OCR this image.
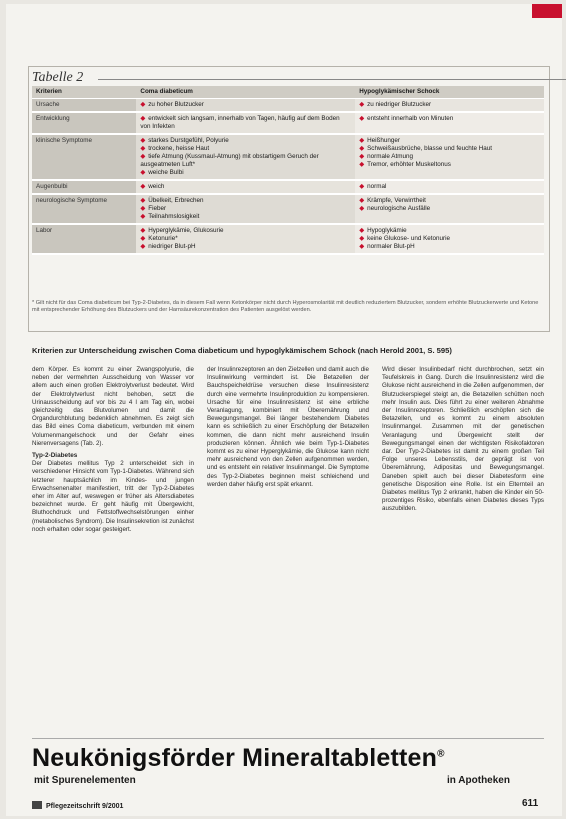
Tabelle 2
Kriterien	Coma diabeticum	Hypoglykämischer Schock
Ursache	◆ zu hoher Blutzucker	◆ zu niedriger Blutzucker

Entwicklung	◆ entwickelt sich langsam, innerhalb von Tagen, häufig auf dem Boden von Infekten	◆ entsteht innerhalb von Minuten

klinische Symptome	◆ starkes Durstgefühl, Polyurie
◆ trockene, heisse Haut
◆ tiefe Atmung (Kussmaul-Atmung) mit obstartigem Geruch der ausgeatmeten Luft*
◆ weiche Bulbi	◆ Heißhunger
◆ Schweißausbrüche, blasse und feuchte Haut
◆ normale Atmung
◆ Tremor, erhöhter Muskeltonus

Augenbulbi	◆ weich	◆ normal

neurologische Symptome	◆ Übelkeit, Erbrechen
◆ Fieber
◆ Teilnahmslosigkeit	◆ Krämpfe, Verwirrtheit
◆ neurologische Ausfälle

Labor	◆ Hyperglykämie, Glukosurie
◆ Ketonurie*
◆ niedriger Blut-pH	◆ Hypoglykämie
◆ keine Glukose- und Ketonurie
◆ normaler Blut-pH
* Gilt nicht für das Coma diabeticum bei Typ-2-Diabetes, da in diesem Fall wenn Ketonkörper nicht durch Hyperosmolarität mit deutlich reduziertem Blutzucker, sondern erhöhte Blutzuckerwerte und Ketone mit entsprechender Erhöhung des Blutzuckers und der Harnsäurekonzentration des Patienten ausgelöst werden.
Kriterien zur Unterscheidung zwischen Coma diabeticum und hypoglykämischem Schock (nach Herold 2001, S. 595)

dem Körper. Es kommt zu einer Zwangspolyurie, die neben der vermehrten Ausscheidung von Wasser vor allem auch einen großen Elektrolytverlust bedeutet. Wird der Elektrolytverlust nicht behoben, setzt die Urinausscheidung auf vor bis zu 4 l am Tag ein, wobei gleichzeitig das Blutvolumen und damit die Organdurchblutung bedenklich abnehmen. Es zeigt sich das Bild eines Coma diabeticum, verbunden mit einem Volumenmangelschock und der Gefahr eines Nierenversagens (Tab. 2).

Typ-2-Diabetes

Der Diabetes mellitus Typ 2 unterscheidet sich in verschiedener Hinsicht vom Typ-1-Diabetes. Während sich letzterer hauptsächlich im Kindes- und jungen Erwachsenenalter manifestiert, tritt der Typ-2-Diabetes eher im Alter auf, weswegen er früher als Altersdiabetes bezeichnet wurde. Er geht häufig mit Übergewicht, Bluthochdruck und Fettstoffwechselstörungen einher (metabolisches Syndrom). Die Insulinsekretion ist zunächst noch erhalten oder sogar gesteigert.

der Insulinrezeptoren an den Zielzellen und damit auch die Insulinwirkung vermindert ist. Die Betazellen der Bauchspeicheldrüse versuchen diese Insulinresistenz durch eine vermehrte Insulinproduktion zu kompensieren. Ursache für eine Insulinresistenz ist eine erbliche Veranlagung, kombiniert mit Überernährung und Bewegungsmangel. Bei länger bestehendem Diabetes kann es schließlich zu einer Erschöpfung der Betazellen kommen, die dann nicht mehr ausreichend Insulin produzieren können. Ähnlich wie beim Typ-1-Diabetes kommt es zu einer Hyperglykämie, die Glukose kann nicht mehr ausreichend von den Zellen aufgenommen werden, und es entsteht ein relativer Insulinmangel. Die Symptome des Typ-2-Diabetes beginnen meist schleichend und werden daher häufig erst spät erkannt.

Wird dieser Insulinbedarf nicht durchbrochen, setzt ein Teufelskreis in Gang. Durch die Insulinresistenz wird die Glukose nicht ausreichend in die Zellen aufgenommen, der Blutzuckerspiegel steigt an, die Betazellen schütten noch mehr Insulin aus. Dies führt zu einer weiteren Abnahme der Insulinrezeptoren. Schließlich erschöpfen sich die Betazellen, und es kommt zu einem absoluten Insulinmangel. Zusammen mit der genetischen Veranlagung und Übergewicht stellt der Bewegungsmangel einen der wichtigsten Risikofaktoren dar. Der Typ-2-Diabetes ist damit zu einem großen Teil Folge unseres Lebensstils, der geprägt ist von Überernährung, Adipositas und Bewegungsmangel. Daneben spielt auch bei dieser Diabetesform eine genetische Disposition eine Rolle. Ist ein Elternteil an Diabetes mellitus Typ 2 erkrankt, haben die Kinder ein 50-prozentiges Risiko, ebenfalls einen Diabetes dieses Typs auszubilden.

Neukönigsförder Mineraltabletten®
mit Spurenelementen	in Apotheken
Pflegezeitschrift 9/2001	611
